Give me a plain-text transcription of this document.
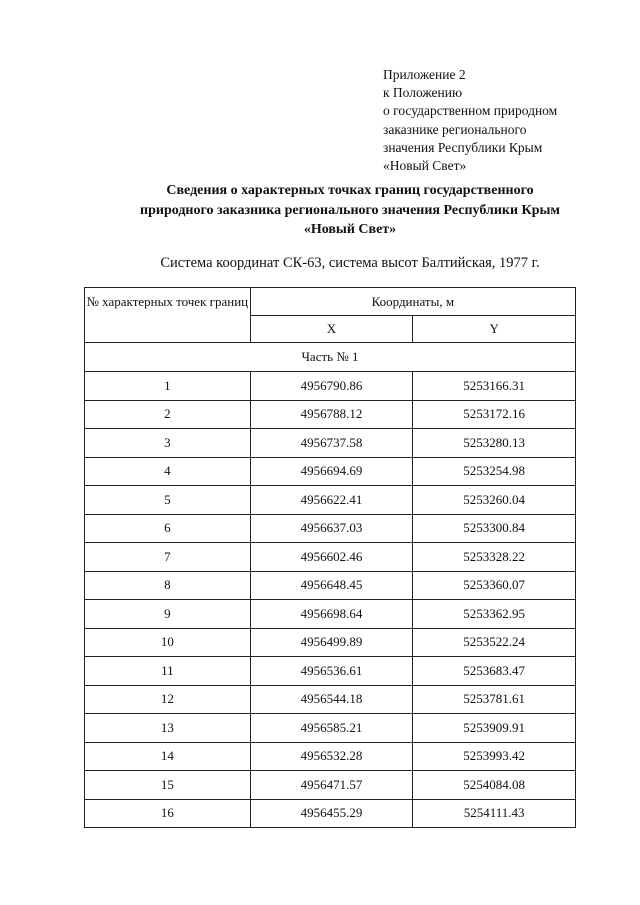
Приложение 2
к Положению
о государственном природном
заказнике регионального
значения Республики Крым
«Новый Свет»
Сведения о характерных точках границ государственного
природного заказника регионального значения Республики Крым
«Новый Свет»
Система координат СК-63, система высот Балтийская, 1977 г.
№ характерных точек границ	Координаты, м	
	X	Y
Часть № 1		
1	4956790.86	5253166.31
2	4956788.12	5253172.16
3	4956737.58	5253280.13
4	4956694.69	5253254.98
5	4956622.41	5253260.04
6	4956637.03	5253300.84
7	4956602.46	5253328.22
8	4956648.45	5253360.07
9	4956698.64	5253362.95
10	4956499.89	5253522.24
11	4956536.61	5253683.47
12	4956544.18	5253781.61
13	4956585.21	5253909.91
14	4956532.28	5253993.42
15	4956471.57	5254084.08
16	4956455.29	5254111.43
